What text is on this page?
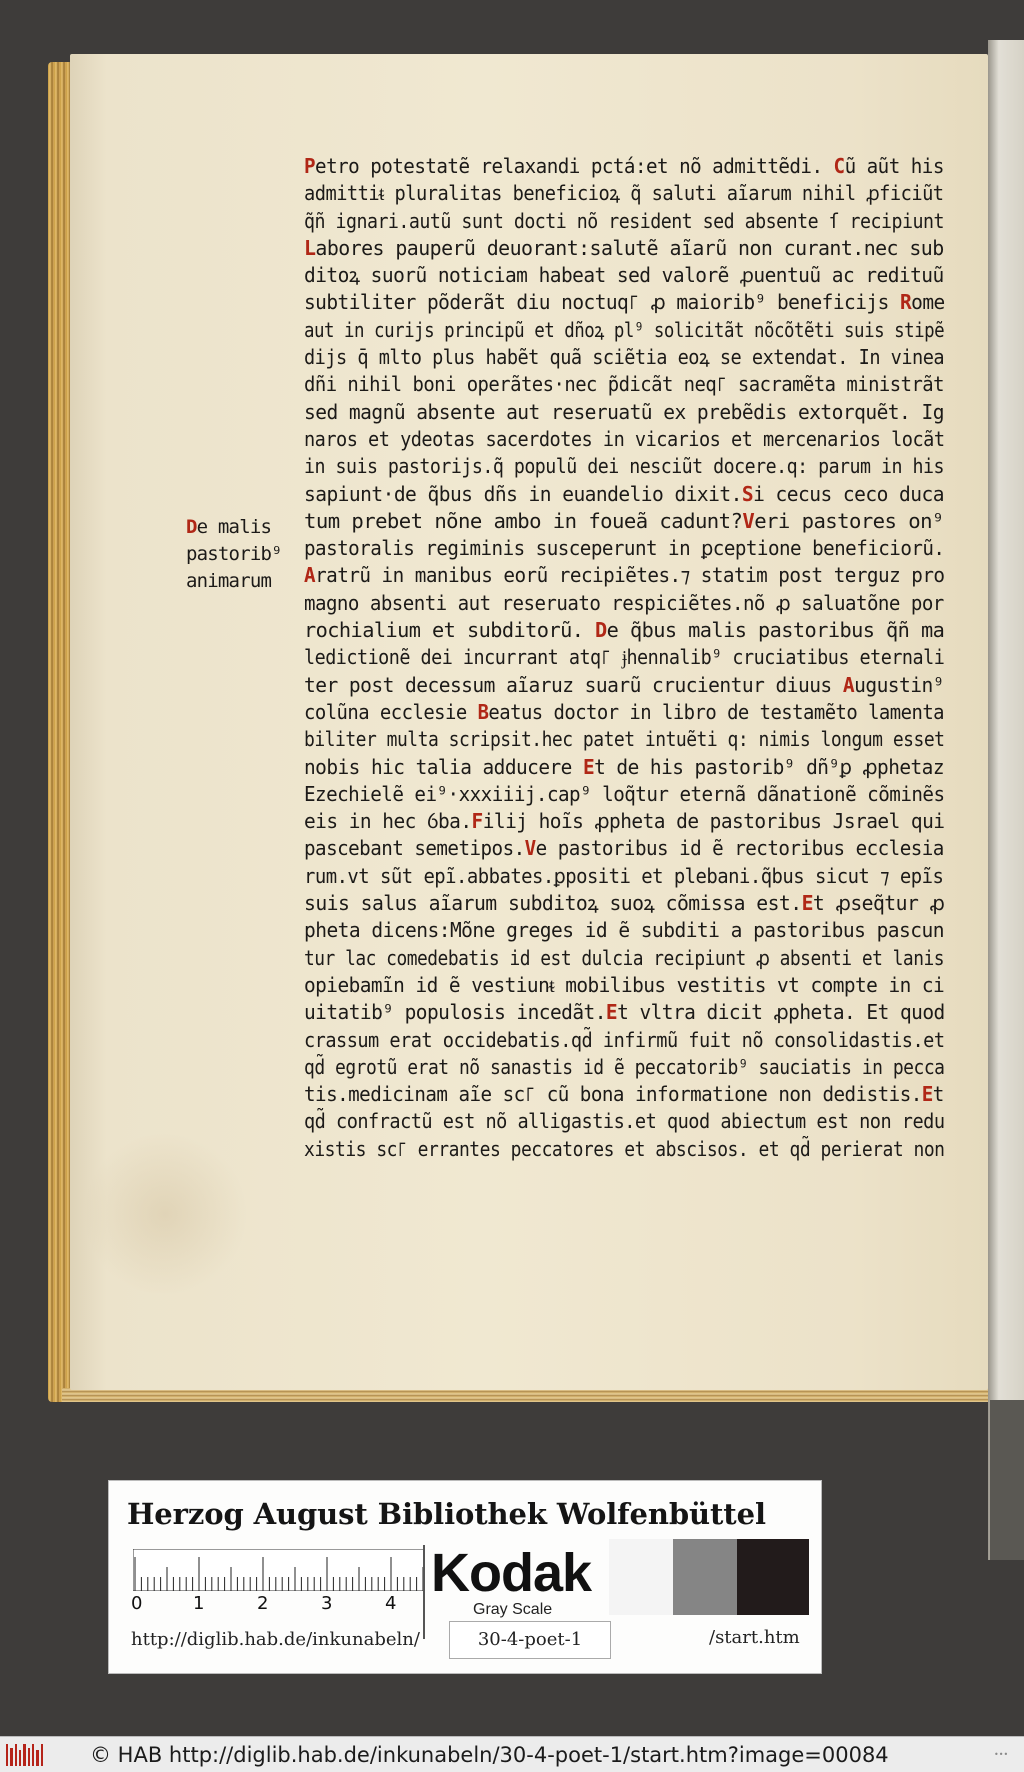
De malis
pastorib⁹
animarum
Petro potestatẽ relaxandi pctá:et nõ admittẽdi. Cũ aũt his
admittiᵵ pluralitas beneficioꝝ q̃ saluti aĩarum nihil ꝓficiũt
q̃ñ ignari.autũ sunt docti nõ resident sed absente ſ recipiunt
Labores pauperũ deuorant:salutẽ aĩarũ non curant.nec sub
ditoꝝ suorũ noticiam habeat sed valorẽ ꝓuentuũ ac redituũ
subtiliter põderãt diu noctuq꜒ ꝓ maiorib⁹ beneficijs Rome
aut in curijs principũ et dñoꝝ pl⁹ solicitãt nõcõtẽti suis stipẽ
dijs q̄ mlto plus habẽt quã sciẽtia eoꝝ se extendat. In vinea
dñi nihil boni operãtes·nec p̃dicãt neq꜒ sacramẽta ministrãt
sed magnũ absente aut reseruatũ ex prebẽdis extorquẽt. Ig
naros et ydeotas sacerdotes in vicarios et mercenarios locãt
in suis pastorijs.q̃ populũ dei nesciũt docere.q꞉ parum in his
sapiunt·de q̃bus dñs in euandelio dixit.Si cecus ceco duca
tum prebet nõne ambo in foueã cadunt?Veri pastores on⁹
pastoralis regiminis susceperunt in ꝑceptione beneficiorũ.
Aratrũ in manibus eorũ recipiẽtes.⁊ statim post terguz pro
magno absenti aut reseruato respiciẽtes.nõ ꝓ saluatõne por
rochialium et subditorũ. De q̃bus malis pastoribus q̃ñ ma
ledictionẽ dei incurrant atq꜒ ɉhennalib⁹ cruciatibus eternali
ter post decessum aĩaruz suarũ crucientur diuus Augustin⁹
colũna ecclesie Beatus doctor in libro de testamẽto lamenta
biliter multa scripsit.hec patet intuẽti q꞉ nimis longum esset
nobis hic talia adducere Et de his pastorib⁹ dñ⁹ꝑ ꝓphetaz
Ezechielẽ ei⁹·xxxiiij.cap⁹ loq̃tur eternã dãnationẽ cõminẽs
eis in hec ỽba.Filij hoĩs ꝓpheta de pastoribus Jsrael qui
pascebant semetipos.Ve pastoribus id ẽ rectoribus ecclesia
rum.vt sũt epĩ.abbates.ꝑpositi et plebani.q̃bus sicut ⁊ epĩs
suis salus aĩarum subditoꝝ suoꝝ cõmissa est.Et ꝓseq̃tur ꝓ
pheta dicens:Mõne greges id ẽ subditi a pastoribus pascun
tur lac comedebatis id est dulcia recipiunt ꝓ absenti et lanis
opiebamĩn id ẽ vestiunᵵ mobilibus vestitis vt compte in ci
uitatib⁹ populosis incedãt.Et vltra dicit ꝓpheta. Et quod
crassum erat occidebatis.qd̃ infirmũ fuit nõ consolidastis.et
qd̃ egrotũ erat nõ sanastis id ẽ peccatorib⁹ sauciatis in pecca
tis.medicinam aĩe sc꜒ cũ bona informatione non dedistis.Et
qd̃ confractũ est nõ alligastis.et quod abiectum est non redu
xistis sc꜒ errantes peccatores et abscisos. et qd̃ perierat non
Herzog August Bibliothek Wolfenbüttel
0	1	2	3	4
Kodak
Gray Scale
http://diglib.hab.de/inkunabeln/	30-4-poet-1	/start.htm
© HAB http://diglib.hab.de/inkunabeln/30-4-poet-1/start.htm?image=00084	•••
